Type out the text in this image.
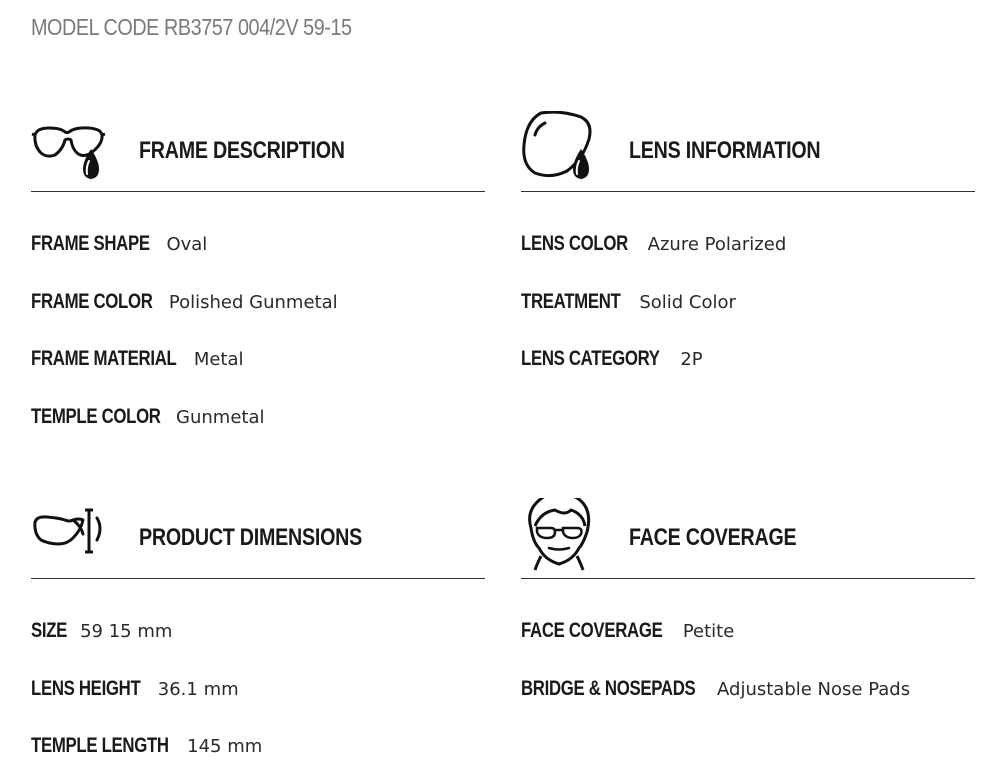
MODEL CODE RB3757 004/2V 59-15
FRAME DESCRIPTION
FRAME SHAPE Oval
FRAME COLOR Polished Gunmetal
FRAME MATERIAL Metal
TEMPLE COLOR Gunmetal
LENS INFORMATION
LENS COLOR Azure Polarized
TREATMENT Solid Color
LENS CATEGORY 2P
PRODUCT DIMENSIONS
SIZE 59 15 mm
LENS HEIGHT 36.1 mm
TEMPLE LENGTH 145 mm
FACE COVERAGE
FACE COVERAGE Petite
BRIDGE & NOSEPADS Adjustable Nose Pads
